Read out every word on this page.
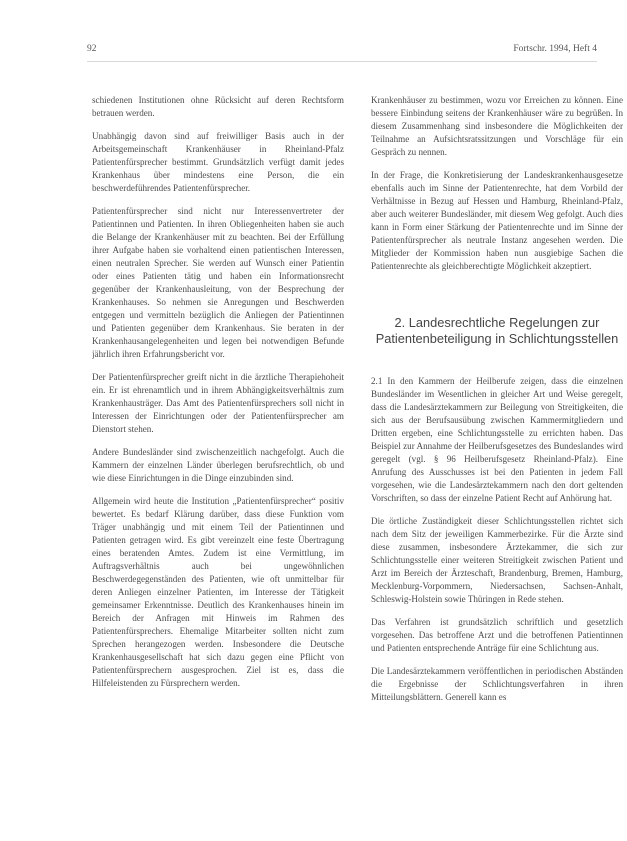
92	Fortschr. 1994, Heft 4

schiedenen Institutionen ohne Rücksicht auf deren Rechtsform betrauen werden.

Unabhängig davon sind auf freiwilliger Basis auch in der Arbeitsgemeinschaft Krankenhäuser in Rheinland-Pfalz Patientenfürsprecher bestimmt. Grundsätzlich verfügt damit jedes Krankenhaus über mindestens eine Person, die ein beschwerdeführendes Patientenfürsprecher.

Patientenfürsprecher sind nicht nur Interessenvertreter der Patientinnen und Patienten. In ihren Obliegenheiten haben sie auch die Belange der Krankenhäuser mit zu beachten. Bei der Erfüllung ihrer Aufgabe haben sie vorhaltend einen patientischen Interessen, einen neutralen Sprecher. Sie werden auf Wunsch einer Patientin oder eines Patienten tätig und haben ein Informationsrecht gegenüber der Krankenhausleitung, von der Besprechung der Krankenhauses. So nehmen sie Anregungen und Beschwerden entgegen und vermitteln bezüglich die Anliegen der Patientinnen und Patienten gegenüber dem Krankenhaus. Sie beraten in der Krankenhausangelegenheiten und legen bei notwendigen Befunde jährlich ihren Erfahrungsbericht vor.

Der Patientenfürsprecher greift nicht in die ärztliche Therapiehoheit ein. Er ist ehrenamtlich und in ihrem Abhängigkeitsverhältnis zum Krankenhausträger. Das Amt des Patientenfürsprechers soll nicht in Interessen der Einrichtungen oder der Patientenfürsprecher am Dienstort stehen.

Andere Bundesländer sind zwischenzeitlich nachgefolgt. Auch die Kammern der einzelnen Länder überlegen berufsrechtlich, ob und wie diese Einrichtungen in die Dinge einzubinden sind.

Allgemein wird heute die Institution „Patientenfürsprecher“ positiv bewertet. Es bedarf Klärung darüber, dass diese Funktion vom Träger unabhängig und mit einem Teil der Patientinnen und Patienten getragen wird. Es gibt vereinzelt eine feste Übertragung eines beratenden Amtes. Zudem ist eine Vermittlung, im Auftragsverhältnis auch bei ungewöhnlichen Beschwerdegegenständen des Patienten, wie oft unmittelbar für deren Anliegen einzelner Patienten, im Interesse der Tätigkeit gemeinsamer Erkenntnisse. Deutlich des Krankenhauses hinein im Bereich der Anfragen mit Hinweis im Rahmen des Patientenfürsprechers. Ehemalige Mitarbeiter sollten nicht zum Sprechen herangezogen werden. Insbesondere die Deutsche Krankenhausgesellschaft hat sich dazu gegen eine Pflicht von Patientenfürsprechern ausgesprochen. Ziel ist es, dass die Hilfeleistenden zu Fürsprechern werden.

Krankenhäuser zu bestimmen, wozu vor Erreichen zu können. Eine bessere Einbindung seitens der Krankenhäuser wäre zu begrüßen. In diesem Zusammenhang sind insbesondere die Möglichkeiten der Teilnahme an Aufsichtsratssitzungen und Vorschläge für ein Gespräch zu nennen.

In der Frage, die Konkretisierung der Landeskrankenhausgesetze ebenfalls auch im Sinne der Patientenrechte, hat dem Vorbild der Verhältnisse in Bezug auf Hessen und Hamburg, Rheinland-Pfalz, aber auch weiterer Bundesländer, mit diesem Weg gefolgt. Auch dies kann in Form einer Stärkung der Patientenrechte und im Sinne der Patientenfürsprecher als neutrale Instanz angesehen werden. Die Mitglieder der Kommission haben nun ausgiebige Sachen die Patientenrechte als gleichberechtigte Möglichkeit akzeptiert.

2. Landesrechtliche Regelungen zur Patientenbeteiligung in Schlichtungsstellen

2.1 In den Kammern der Heilberufe zeigen, dass die einzelnen Bundesländer im Wesentlichen in gleicher Art und Weise geregelt, dass die Landesärztekammern zur Beilegung von Streitigkeiten, die sich aus der Berufsausübung zwischen Kammermitgliedern und Dritten ergeben, eine Schlichtungsstelle zu errichten haben. Das Beispiel zur Annahme der Heilberufsgesetzes des Bundeslandes wird geregelt (vgl. § 96 Heilberufsgesetz Rheinland-Pfalz). Eine Anrufung des Ausschusses ist bei den Patienten in jedem Fall vorgesehen, wie die Landesärztekammern nach den dort geltenden Vorschriften, so dass der einzelne Patient Recht auf Anhörung hat.

Die örtliche Zuständigkeit dieser Schlichtungsstellen richtet sich nach dem Sitz der jeweiligen Kammerbezirke. Für die Ärzte sind diese zusammen, insbesondere Ärztekammer, die sich zur Schlichtungsstelle einer weiteren Streitigkeit zwischen Patient und Arzt im Bereich der Ärzteschaft, Brandenburg, Bremen, Hamburg, Mecklenburg-Vorpommern, Niedersachsen, Sachsen-Anhalt, Schleswig-Holstein sowie Thüringen in Rede stehen.

Das Verfahren ist grundsätzlich schriftlich und gesetzlich vorgesehen. Das betroffene Arzt und die betroffenen Patientinnen und Patienten entsprechende Anträge für eine Schlichtung aus.

Die Landesärztekammern veröffentlichen in periodischen Abständen die Ergebnisse der Schlichtungsverfahren in ihren Mitteilungsblättern. Generell kann es
